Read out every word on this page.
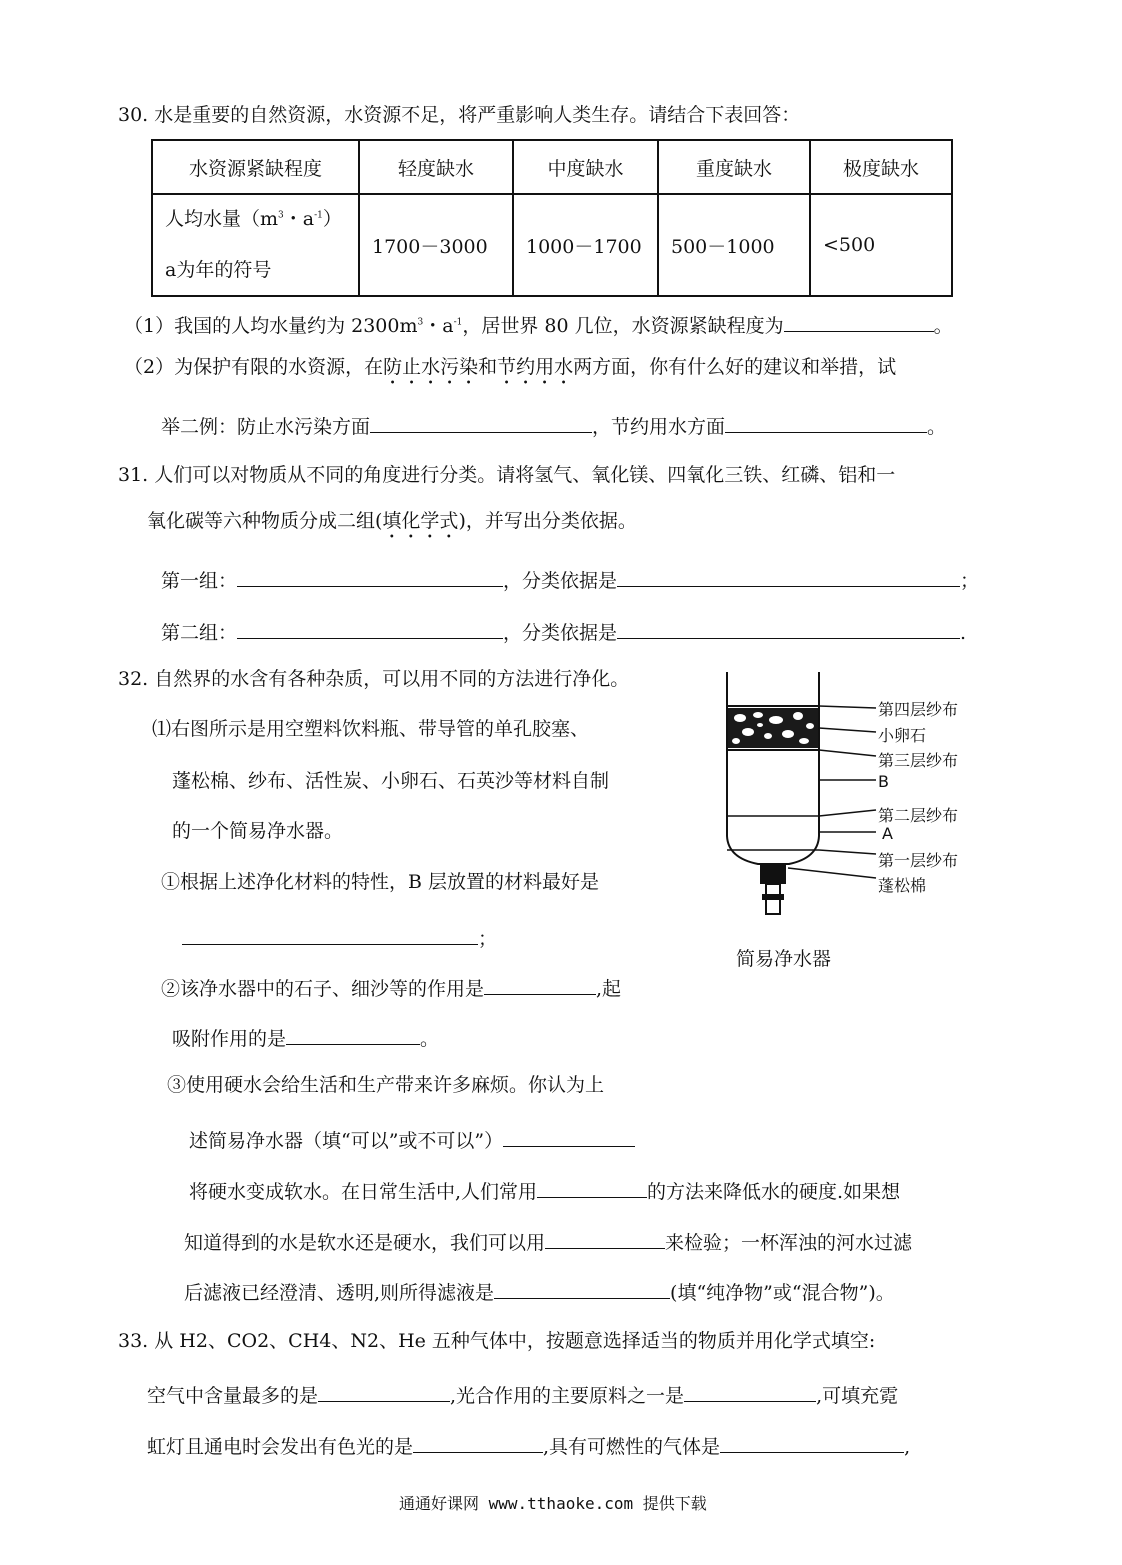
30. 水是重要的自然资源，水资源不足，将严重影响人类生存。请结合下表回答：
水资源紧缺程度	轻度缺水	中度缺水	重度缺水	极度缺水

人均水量（$m^3$・$a^{-1}$）
a为年的符号	1700－3000	1000－1700	500－1000	<500
（1）我国的人均水量约为 $2300m^3$・$a^{-1}$，居世界 80 几位，水资源紧缺程度为	。
（2）为保护有限的水资源，在防止水污染和节约用水两方面，你有什么好的建议和举措，试
举二例：防止水污染方面	，节约用水方面	。
31. 人们可以对物质从不同的角度进行分类。请将氢气、氧化镁、四氧化三铁、红磷、铝和一
氧化碳等六种物质分成二组(填化学式)，并写出分类依据。
第一组：	，分类依据是	；
第二组：	，分类依据是	.
32. 自然界的水含有各种杂质，可以用不同的方法进行净化。
⑴右图所示是用空塑料饮料瓶、带导管的单孔胶塞、
蓬松棉、纱布、活性炭、小卵石、石英沙等材料自制
的一个简易净水器。
①根据上述净化材料的特性，B 层放置的材料最好是
；
②该净水器中的石子、细沙等的作用是	,起
吸附作用的是	。
③使用硬水会给生活和生产带来许多麻烦。你认为上
述简易净水器（填“可以”或不可以”）
将硬水变成软水。在日常生活中,人们常用	的方法来降低水的硬度.如果想
知道得到的水是软水还是硬水，我们可以用	来检验；一杯浑浊的河水过滤
后滤液已经澄清、透明,则所得滤液是	(填“纯净物”或“混合物”)。
第四层纱布
小卵石
第三层纱布
B
第二层纱布
A
第一层纱布
蓬松棉
简易净水器
33. 从 H2、CO2、CH4、N2、He 五种气体中，按题意选择适当的物质并用化学式填空:
空气中含量最多的是	,光合作用的主要原料之一是	,可填充霓
虹灯且通电时会发出有色光的是	,具有可燃性的气体是	,
通通好课网 www.tthaoke.com 提供下载
